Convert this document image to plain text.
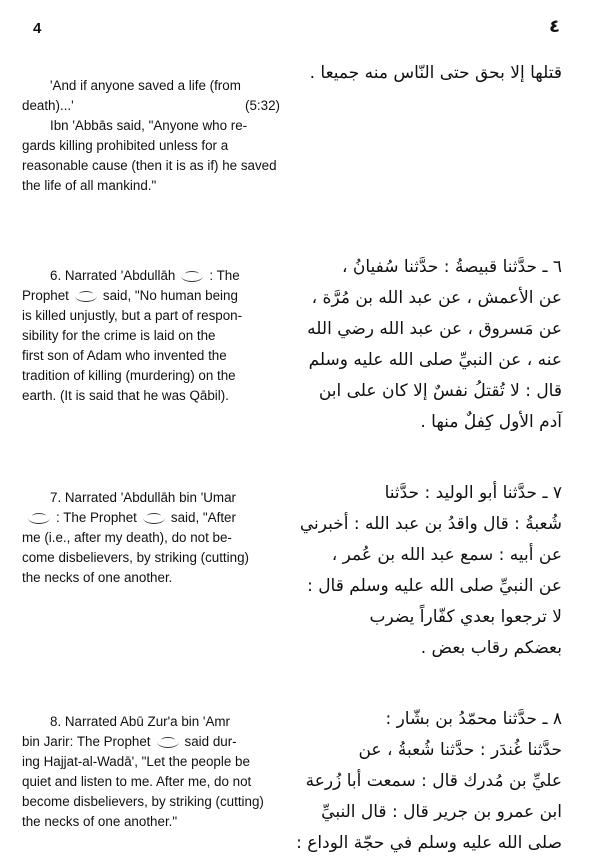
4	٤

'And if anyone saved a life (from

death)...'	(5:32)

Ibn 'Abbās said, "Anyone who re-

gards killing prohibited unless for a

reasonable cause (then it is as if) he saved

the life of all mankind."

قتلها إلا بحق حتى النّاس منه جميعا .

6. Narrated 'Abdullāh	: The

Prophet	said, "No human being

is killed unjustly, but a part of respon-

sibility for the crime is laid on the

first son of Adam who invented the

tradition of killing (murdering) on the

earth. (It is said that he was Qābil).

٦ ـ حدَّثنا قبيصةُ : حدَّثنا سُفيانُ ،

عن الأعمش ، عن عبد الله بن مُرَّة ،

عن مَسروق ، عن عبد الله رضي الله

عنه ، عن النبيِّ صلى الله عليه وسلم

قال : لا تُقتلُ نفسٌ إلا كان على ابن

آدم الأول كِفلٌ منها .

7. Narrated 'Abdullāh bin 'Umar

: The Prophet	said, "After

me (i.e., after my death), do not be-

come disbelievers, by striking (cutting)

the necks of one another.

٧ ـ حدَّثنا أبو الوليد : حدَّثنا

شُعبةُ : قال واقدُ بن عبد الله : أخبرني

عن أبيه : سمع عبد الله بن عُمر ،

عن النبيِّ صلى الله عليه وسلم قال :

لا ترجعوا بعدي كفّاراً يضرب

بعضكم رقاب بعض .

8. Narrated Abū Zur'a bin 'Amr

bin Jarir: The Prophet	said dur-

ing Hajjat-al-Wadā', "Let the people be

quiet and listen to me. After me, do not

become disbelievers, by striking (cutting)

the necks of one another."

٨ ـ حدَّثنا محمّدُ بن بشّار :

حدَّثنا غُندَر : حدَّثنا شُعبةُ ، عن

عليِّ بن مُدرك قال : سمعت أبا زُرعة

ابن عمرو بن جرير قال : قال النبيِّ

صلى الله عليه وسلم في حجّة الوداع :
